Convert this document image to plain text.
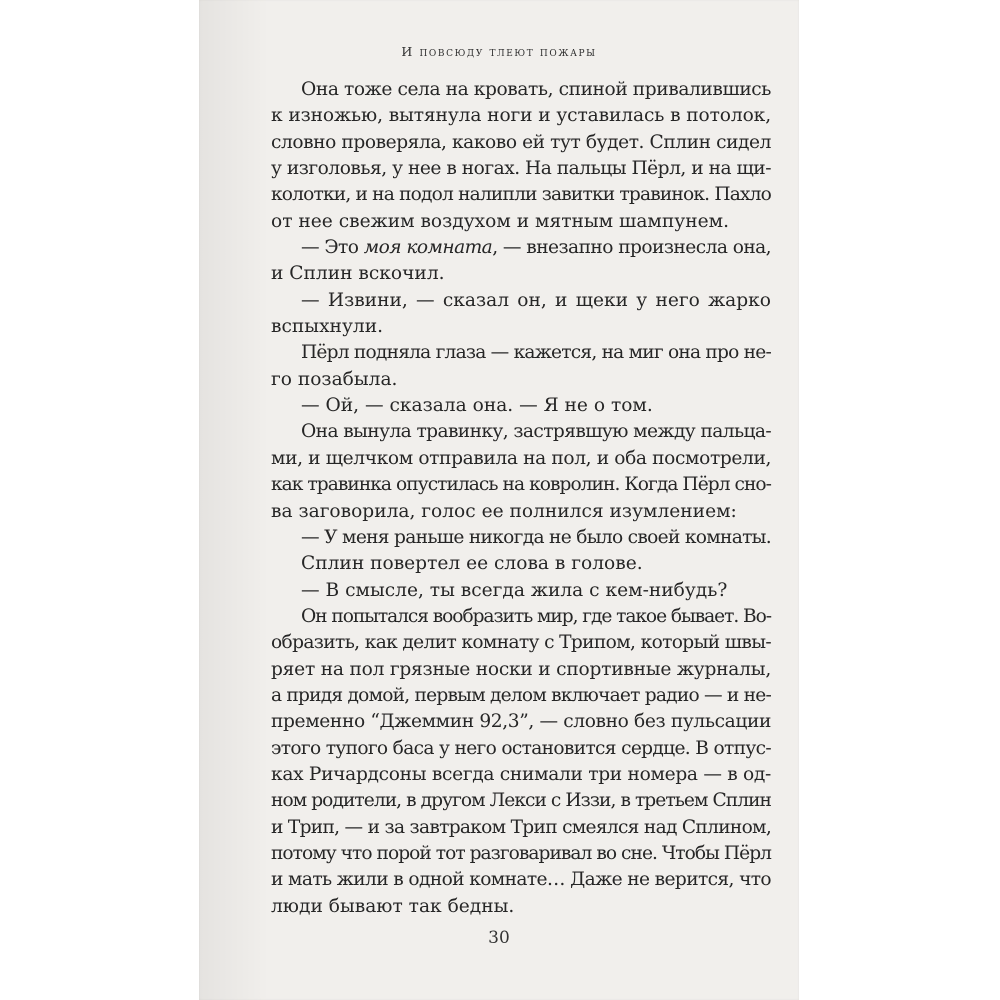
И повсюду тлеют пожары
Она тоже села на кровать, спиной привалившись
к изножью, вытянула ноги и уставилась в потолок,
словно проверяла, каково ей тут будет. Сплин сидел
у изголовья, у нее в ногах. На пальцы Пёрл, и на щи-
колотки, и на подол налипли завитки травинок. Пахло
от нее свежим воздухом и мятным шампунем.
— Это моя комната, — внезапно произнесла она,
и Сплин вскочил.
— Извини, — сказал он, и щеки у него жарко
вспыхнули.
Пёрл подняла глаза — кажется, на миг она про не-
го позабыла.
— Ой, — сказала она. — Я не о том.
Она вынула травинку, застрявшую между пальца-
ми, и щелчком отправила на пол, и оба посмотрели,
как травинка опустилась на ковролин. Когда Пёрл сно-
ва заговорила, голос ее полнился изумлением:
— У меня раньше никогда не было своей комнаты.
Сплин повертел ее слова в голове.
— В смысле, ты всегда жила с кем-нибудь?
Он попытался вообразить мир, где такое бывает. Во-
образить, как делит комнату с Трипом, который швы-
ряет на пол грязные носки и спортивные журналы,
а придя домой, первым делом включает радио — и не-
пременно “Джеммин 92,3”, — словно без пульсации
этого тупого баса у него остановится сердце. В отпус-
ках Ричардсоны всегда снимали три номера — в од-
ном родители, в другом Лекси с Иззи, в третьем Сплин
и Трип, — и за завтраком Трип смеялся над Сплином,
потому что порой тот разговаривал во сне. Чтобы Пёрл
и мать жили в одной комнате… Даже не верится, что
люди бывают так бедны.
30
